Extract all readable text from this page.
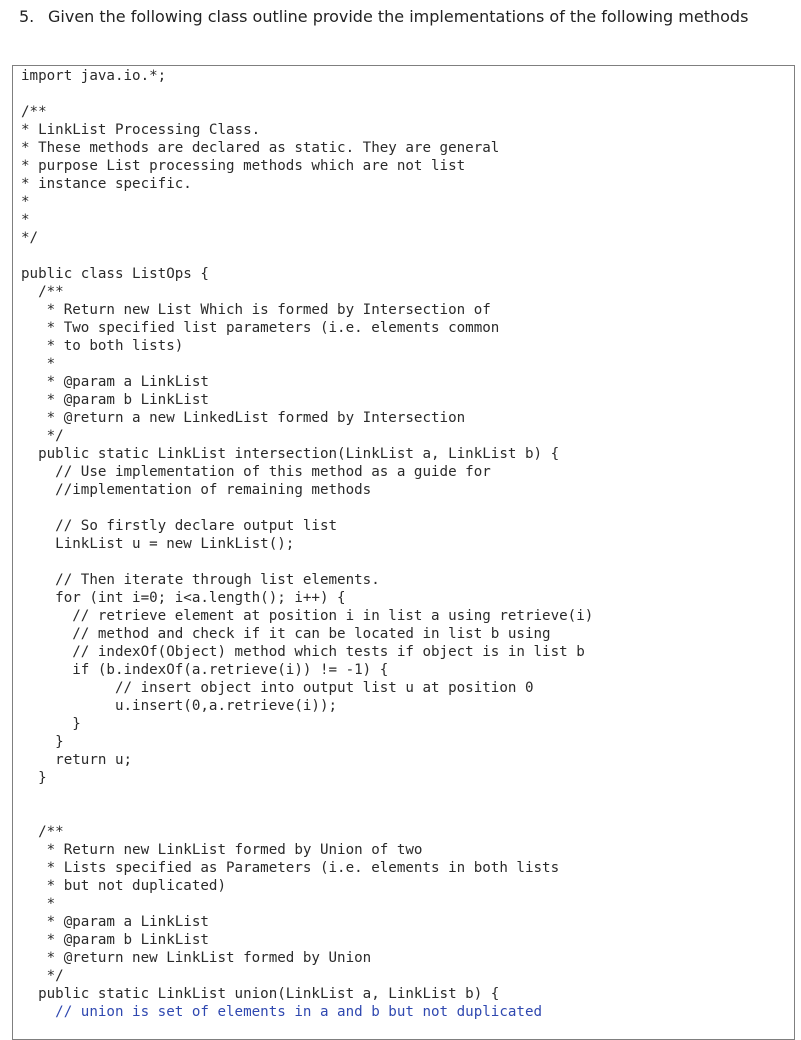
5. Given the following class outline provide the implementations of the following methods
import java.io.*;
/**
* LinkList Processing Class.
* These methods are declared as static. They are general
* purpose List processing methods which are not list
* instance specific.
*
*
*/
public class ListOps {
/**
* Return new List Which is formed by Intersection of
* Two specified list parameters (i.e. elements common
* to both lists)
*
* @param a LinkList
* @param b LinkList
* @return a new LinkedList formed by Intersection
*/
public static LinkList intersection(LinkList a, LinkList b) {
// Use implementation of this method as a guide for
//implementation of remaining methods
// So firstly declare output list
LinkList u = new LinkList();
// Then iterate through list elements.
for (int i=0; i<a.length(); i++) {
// retrieve element at position i in list a using retrieve(i)
// method and check if it can be located in list b using
// indexOf(Object) method which tests if object is in list b
if (b.indexOf(a.retrieve(i)) != -1) {
// insert object into output list u at position 0
u.insert(0,a.retrieve(i));
}
}
return u;
}
/**
* Return new LinkList formed by Union of two
* Lists specified as Parameters (i.e. elements in both lists
* but not duplicated)
*
* @param a LinkList
* @param b LinkList
* @return new LinkList formed by Union
*/
public static LinkList union(LinkList a, LinkList b) {
// union is set of elements in a and b but not duplicated
